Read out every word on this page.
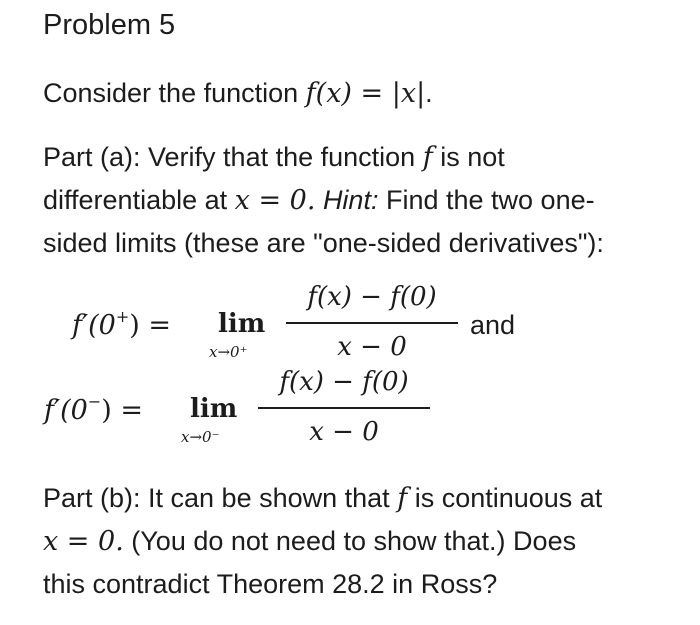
Problem 5
Consider the function f(x) = |x|.
Part (a): Verify that the function f is not
differentiable at x = 0. Hint: Find the two one-
sided limits (these are "one-sided derivatives"):
f′(0+) = lim
x→0⁺
f(x) − f(0)
x − 0
and
f′(0−) = lim
x→0⁻
f(x) − f(0)
x − 0
Part (b): It can be shown that f is continuous at
x = 0. (You do not need to show that.) Does
this contradict Theorem 28.2 in Ross?
